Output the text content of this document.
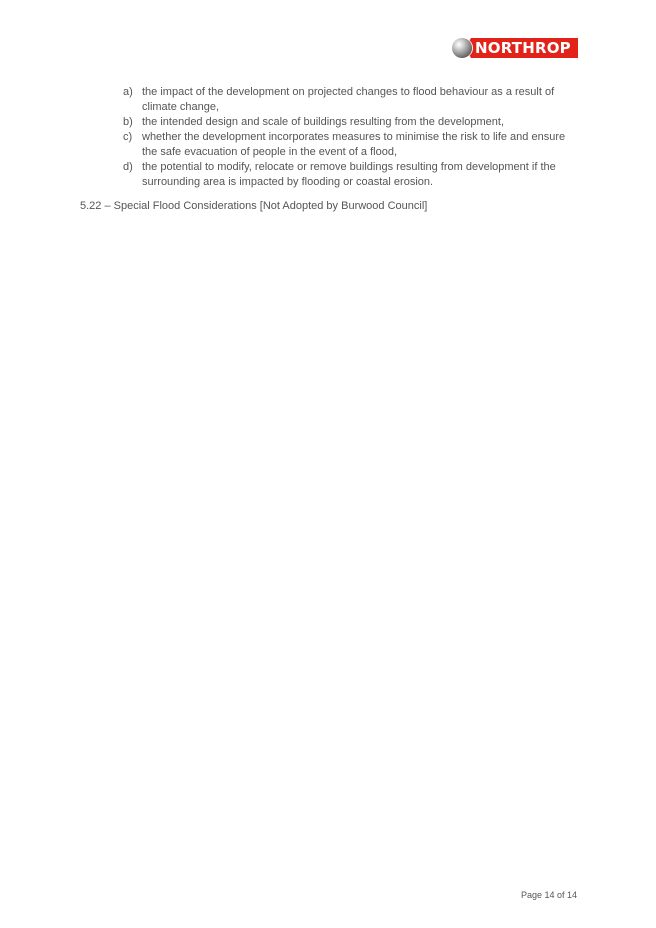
NORTHROP
a) the impact of the development on projected changes to flood behaviour as a result of climate change,
b) the intended design and scale of buildings resulting from the development,
c) whether the development incorporates measures to minimise the risk to life and ensure the safe evacuation of people in the event of a flood,
d) the potential to modify, relocate or remove buildings resulting from development if the surrounding area is impacted by flooding or coastal erosion.
5.22 – Special Flood Considerations [Not Adopted by Burwood Council]
Page 14 of 14
